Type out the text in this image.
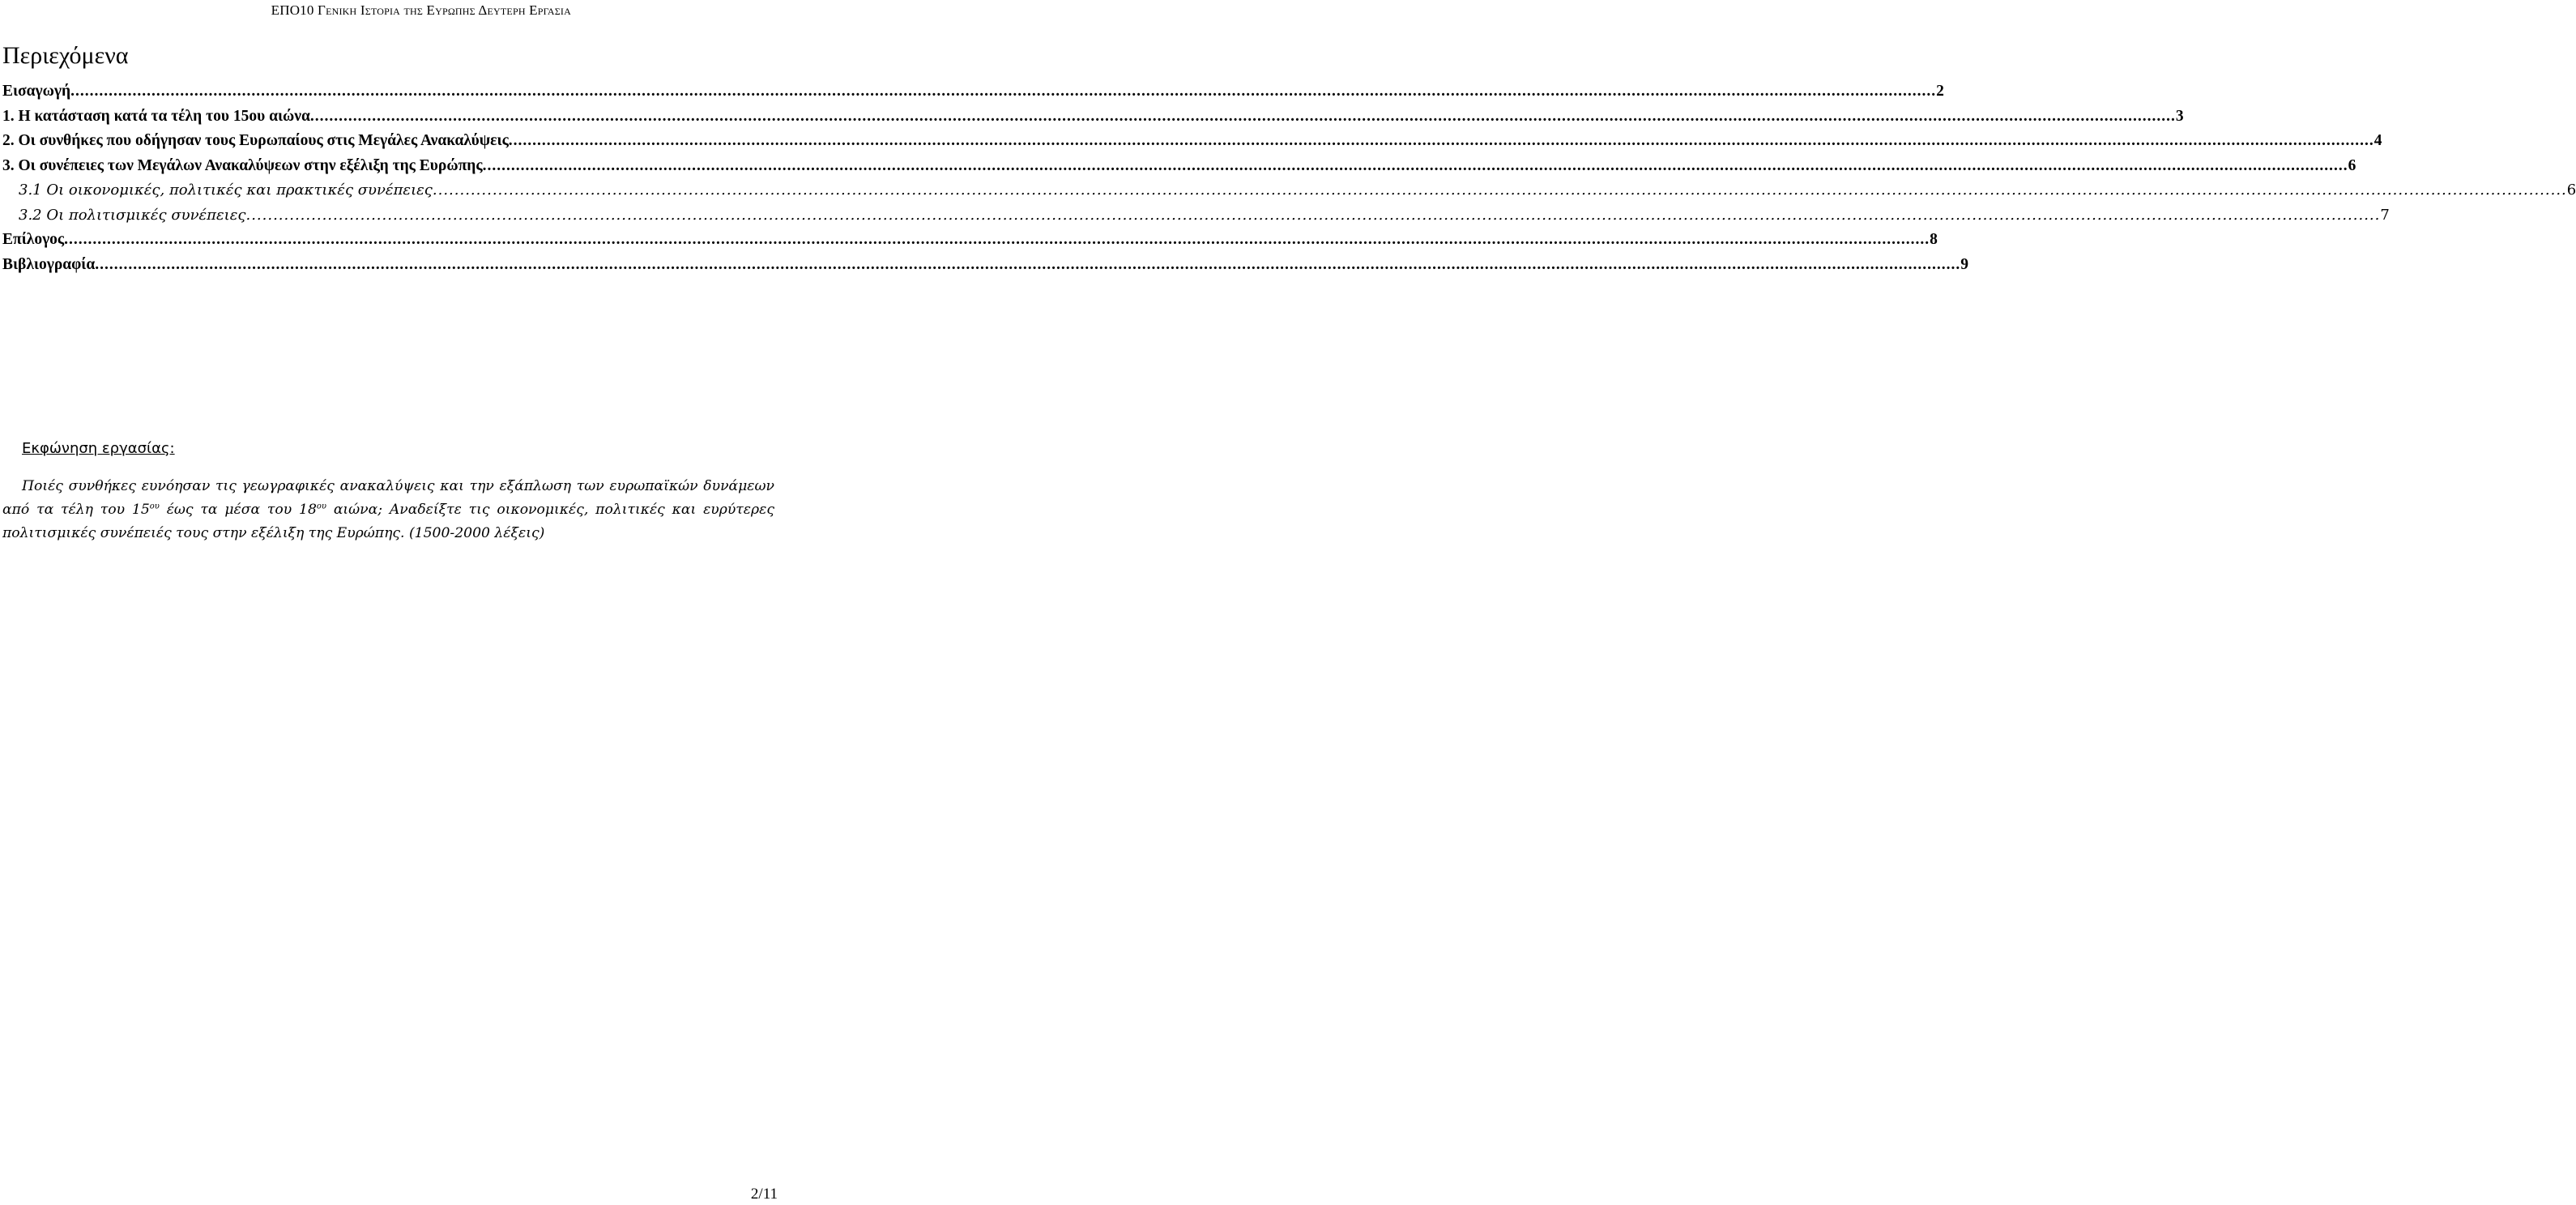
ΕΠΟ10 Γενικη Ιστορια της Ευρωπης Δευτερη Εργασια
Περιεχόμενα
Εισαγωγή .....	2
1. Η κατάσταση κατά τα τέλη του 15ου αιώνα .....	3
2. Οι συνθήκες που οδήγησαν τους Ευρωπαίους στις Μεγάλες Ανακαλύψεις .....	4
3. Οι συνέπειες των Μεγάλων Ανακαλύψεων στην εξέλιξη της Ευρώπης .....	6
3.1 Οι οικονομικές, πολιτικές και πρακτικές συνέπειες .....	6
3.2 Οι πολιτισμικές συνέπειες .....	7
Επίλογος .....	8
Βιβλιογραφία .....	9
Εκφώνηση εργασίας:

Ποιές συνθήκες ευνόησαν τις γεωγραφικές ανακαλύψεις και την εξάπλωση των ευρωπαϊκών δυνάμεων από τα τέλη του $15^{o\upsilon}$ έως τα μέσα του $18^{o\upsilon}$ αιώνα; Αναδείξτε τις οικονομικές, πολιτικές και ευρύτερες πολιτισμικές συνέπειές τους στην εξέλιξη της Ευρώπης. (1500-2000 λέξεις)

2/11
